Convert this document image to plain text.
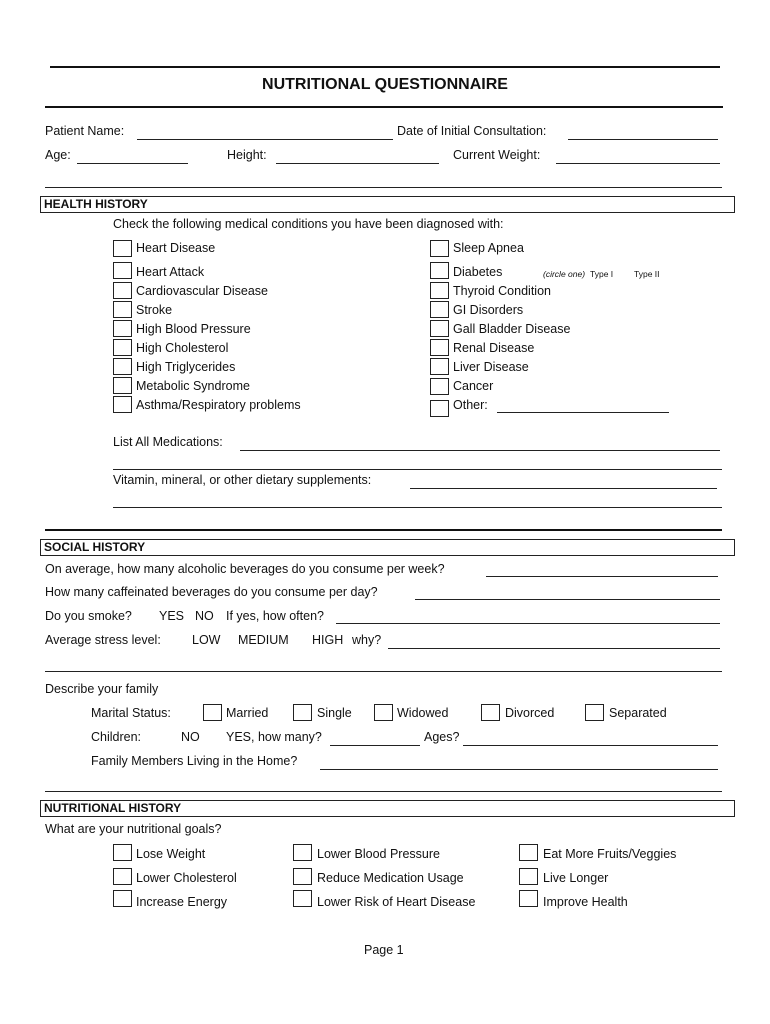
NUTRITIONAL QUESTIONNAIRE
Patient Name:	Date of Initial Consultation:
Age:	Height:	Current Weight:
HEALTH HISTORY
Check the following medical conditions you have been diagnosed with:
Heart Disease
Heart Attack
Cardiovascular Disease
Stroke
High Blood Pressure
High Cholesterol
High Triglycerides
Metabolic Syndrome
Asthma/Respiratory problems
Sleep Apnea
Diabetes	(circle one) Type I Type II
Thyroid Condition
GI Disorders
Gall Bladder Disease
Renal Disease
Liver Disease
Cancer
Other:
List All Medications:
Vitamin, mineral, or other dietary supplements:
SOCIAL HISTORY
On average, how many alcoholic beverages do you consume per week?
How many caffeinated beverages do you consume per day?
Do you smoke? YES NO If yes, how often?
Average stress level: LOW MEDIUM HIGH why?
Describe your family
Marital Status:	Married	Single	Widowed	Divorced	Separated
Children:	NO YES, how many?	Ages?
Family Members Living in the Home?
NUTRITIONAL HISTORY
What are your nutritional goals?
Lose Weight
Lower Cholesterol
Increase Energy
Lower Blood Pressure
Reduce Medication Usage
Lower Risk of Heart Disease
Eat More Fruits/Veggies
Live Longer
Improve Health
Page 1
